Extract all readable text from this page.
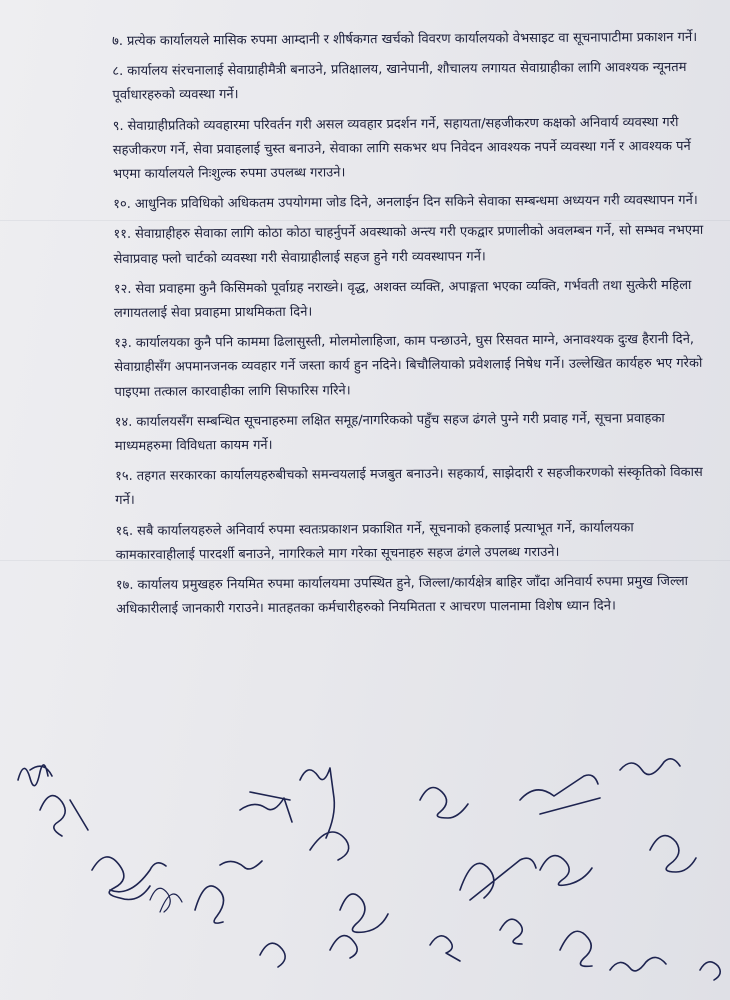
७. प्रत्येक कार्यालयले मासिक रुपमा आम्दानी र शीर्षकगत खर्चको विवरण कार्यालयको वेभसाइट वा सूचनापाटीमा प्रकाशन गर्ने।

८. कार्यालय संरचनालाई सेवाग्राहीमैत्री बनाउने, प्रतिक्षालय, खानेपानी, शौचालय लगायत सेवाग्राहीका लागि आवश्यक न्यूनतम पूर्वाधारहरुको व्यवस्था गर्ने।

९. सेवाग्राहीप्रतिको व्यवहारमा परिवर्तन गरी असल व्यवहार प्रदर्शन गर्ने, सहायता/सहजीकरण कक्षको अनिवार्य व्यवस्था गरी सहजीकरण गर्ने, सेवा प्रवाहलाई चुस्त बनाउने, सेवाका लागि सकभर थप निवेदन आवश्यक नपर्ने व्यवस्था गर्ने र आवश्यक पर्ने भएमा कार्यालयले निःशुल्क रुपमा उपलब्ध गराउने।

१०. आधुनिक प्रविधिको अधिकतम उपयोगमा जोड दिने, अनलाईन दिन सकिने सेवाका सम्बन्धमा अध्ययन गरी व्यवस्थापन गर्ने।

११. सेवाग्राहीहरु सेवाका लागि कोठा कोठा चाहर्नुपर्ने अवस्थाको अन्त्य गरी एकद्वार प्रणालीको अवलम्बन गर्ने, सो सम्भव नभएमा सेवाप्रवाह फ्लो चार्टको व्यवस्था गरी सेवाग्राहीलाई सहज हुने गरी व्यवस्थापन गर्ने।

१२. सेवा प्रवाहमा कुनै किसिमको पूर्वाग्रह नराख्ने। वृद्ध, अशक्त व्यक्ति, अपाङ्गता भएका व्यक्ति, गर्भवती तथा सुत्केरी महिला लगायतलाई सेवा प्रवाहमा प्राथमिकता दिने।

१३. कार्यालयका कुनै पनि काममा ढिलासुस्ती, मोलमोलाहिजा, काम पन्छाउने, घुस रिसवत माग्ने, अनावश्यक दुःख हैरानी दिने, सेवाग्राहीसँग अपमानजनक व्यवहार गर्ने जस्ता कार्य हुन नदिने। बिचौलियाको प्रवेशलाई निषेध गर्ने। उल्लेखित कार्यहरु भए गरेको पाइएमा तत्काल कारवाहीका लागि सिफारिस गरिने।

१४. कार्यालयसँग सम्बन्धित सूचनाहरुमा लक्षित समूह/नागरिकको पहुँच सहज ढंगले पुग्ने गरी प्रवाह गर्ने, सूचना प्रवाहका माध्यमहरुमा विविधता कायम गर्ने।

१५. तहगत सरकारका कार्यालयहरुबीचको समन्वयलाई मजबुत बनाउने। सहकार्य, साझेदारी र सहजीकरणको संस्कृतिको विकास गर्ने।

१६. सबै कार्यालयहरुले अनिवार्य रुपमा स्वतःप्रकाशन प्रकाशित गर्ने, सूचनाको हकलाई प्रत्याभूत गर्ने, कार्यालयका कामकारवाहीलाई पारदर्शी बनाउने, नागरिकले माग गरेका सूचनाहरु सहज ढंगले उपलब्ध गराउने।

१७. कार्यालय प्रमुखहरु नियमित रुपमा कार्यालयमा उपस्थित हुने, जिल्ला/कार्यक्षेत्र बाहिर जाँदा अनिवार्य रुपमा प्रमुख जिल्ला अधिकारीलाई जानकारी गराउने। मातहतका कर्मचारीहरुको नियमितता र आचरण पालनामा विशेष ध्यान दिने।
